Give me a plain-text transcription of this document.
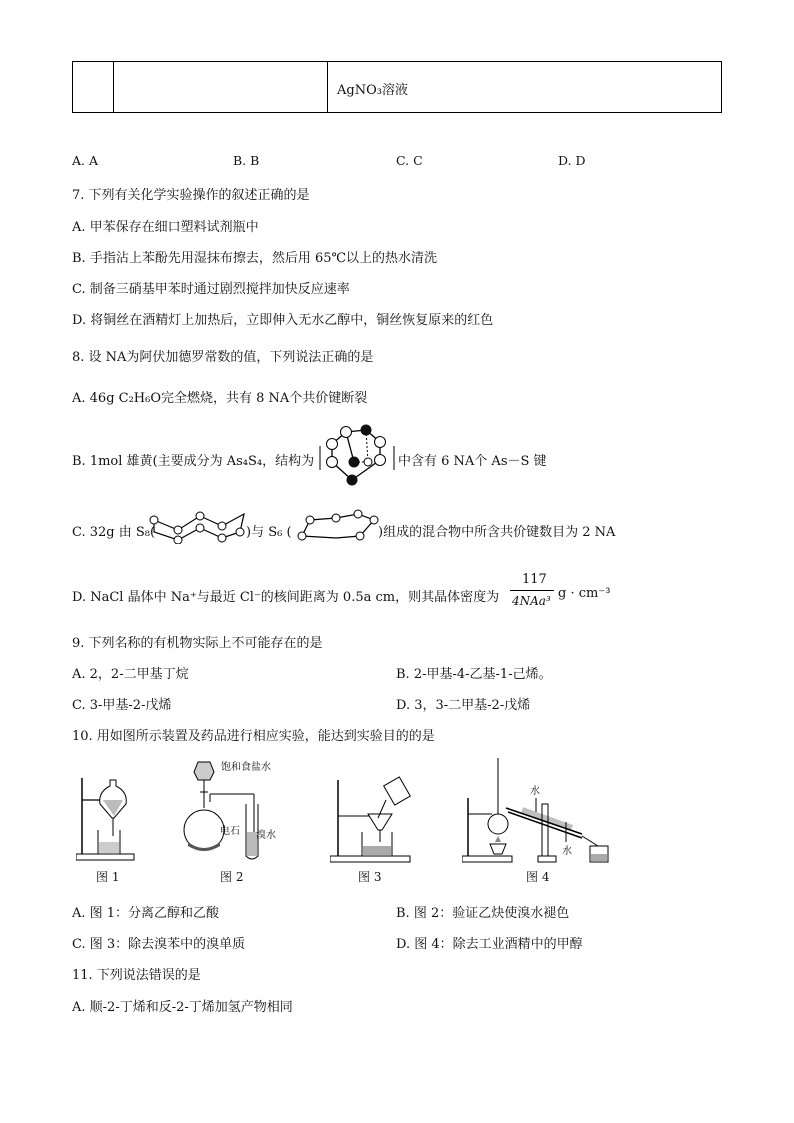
AgNO₃溶液
A. A	B. B	C. C	D. D
7. 下列有关化学实验操作的叙述正确的是
A. 甲苯保存在细口塑料试剂瓶中
B. 手指沾上苯酚先用湿抹布擦去，然后用 65℃以上的热水清洗
C. 制备三硝基甲苯时通过剧烈搅拌加快反应速率
D. 将铜丝在酒精灯上加热后，立即伸入无水乙醇中，铜丝恢复原来的红色
8. 设 NA为阿伏加德罗常数的值，下列说法正确的是
A. 46g C₂H₆O完全燃烧，共有 8 NA个共价键断裂
B. 1mol 雄黄(主要成分为 As₄S₄，结构为	中含有 6 NA个 As－S 键
C. 32g 由 S₈(	)与 S₆ (	)组成的混合物中所含共价键数目为 2 NA
D. NaCl 晶体中 Na⁺与最近 Cl⁻的核间距离为 0.5a cm，则其晶体密度为
117
4NAa³ g · cm⁻³
9. 下列名称的有机物实际上不可能存在的是
A. 2，2-二甲基丁烷	B. 2-甲基-4-乙基-1-己烯。
C. 3-甲基-2-戊烯	D. 3，3-二甲基-2-戊烯
10. 用如图所示装置及药品进行相应实验，能达到实验目的的是
图 1
饱和食盐水
电石 溴水
图 2	图 3
水
水
图 4
A. 图 1：分离乙醇和乙酸	B. 图 2：验证乙炔使溴水褪色
C. 图 3：除去溴苯中的溴单质	D. 图 4：除去工业酒精中的甲醇
11. 下列说法错误的是
A. 顺-2-丁烯和反-2-丁烯加氢产物相同
